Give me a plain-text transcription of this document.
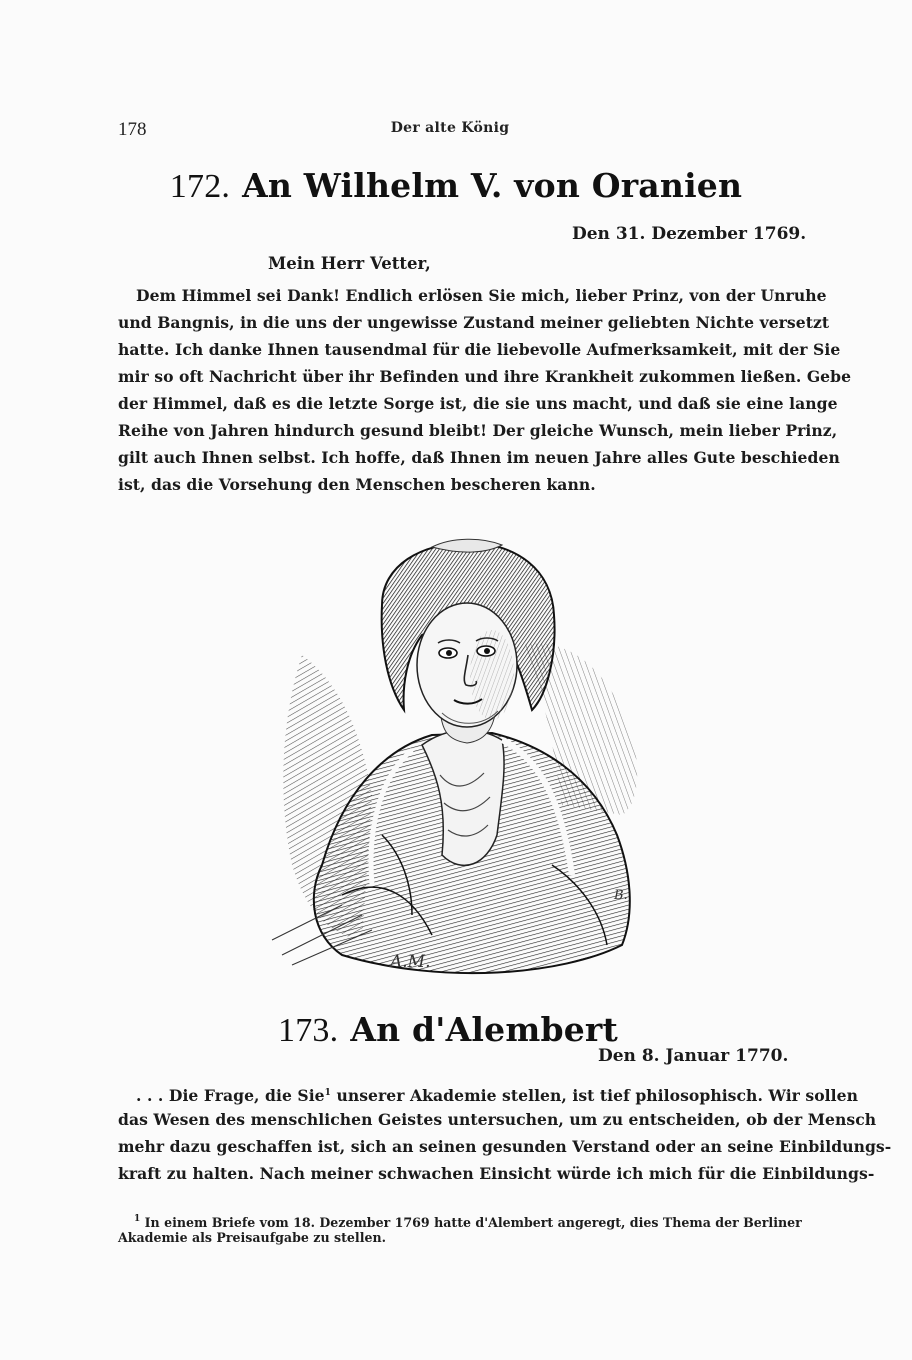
178	Der alte König
172. An Wilhelm V. von Oranien
Den 31. Dezember 1769.
Mein Herr Vetter,
Dem Himmel sei Dank! Endlich erlösen Sie mich, lieber Prinz, von der Unruhe
und Bangnis, in die uns der ungewisse Zustand meiner geliebten Nichte versetzt
hatte. Ich danke Ihnen tausendmal für die liebevolle Aufmerksamkeit, mit der Sie
mir so oft Nachricht über ihr Befinden und ihre Krankheit zukommen ließen. Gebe
der Himmel, daß es die letzte Sorge ist, die sie uns macht, und daß sie eine lange
Reihe von Jahren hindurch gesund bleibt! Der gleiche Wunsch, mein lieber Prinz,
gilt auch Ihnen selbst. Ich hoffe, daß Ihnen im neuen Jahre alles Gute beschieden
ist, das die Vorsehung den Menschen bescheren kann.
A.M.
B.
173. An d'Alembert
Den 8. Januar 1770.
. . . Die Frage, die Sie$^1$ unserer Akademie stellen, ist tief philosophisch. Wir sollen
das Wesen des menschlichen Geistes untersuchen, um zu entscheiden, ob der Mensch
mehr dazu geschaffen ist, sich an seinen gesunden Verstand oder an seine Einbildungs-
kraft zu halten. Nach meiner schwachen Einsicht würde ich mich für die Einbildungs-
$^1$ In einem Briefe vom 18. Dezember 1769 hatte d'Alembert angeregt, dies Thema der Berliner
Akademie als Preisaufgabe zu stellen.
